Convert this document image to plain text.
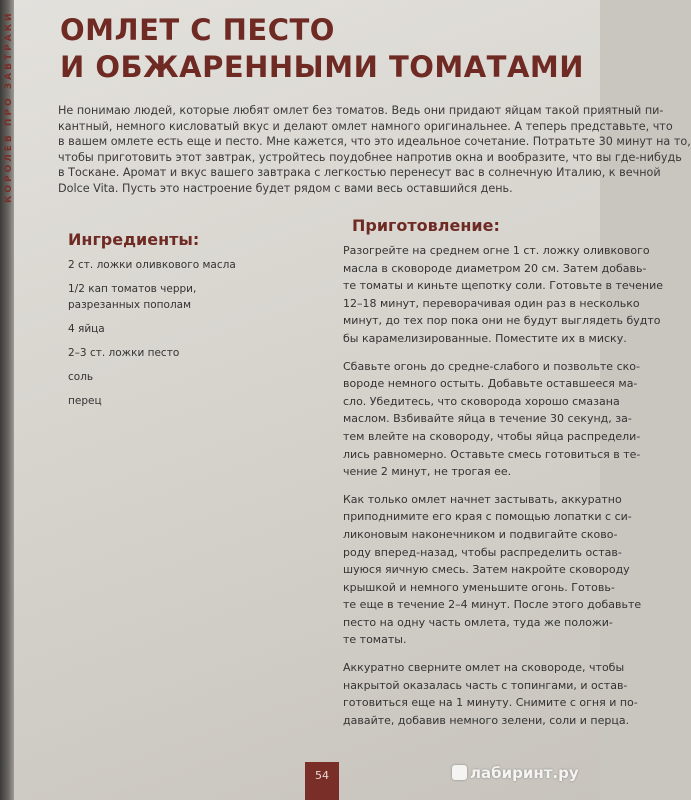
КОРОЛЕВ ПРО ЗАВТРАКИ ОМЛЕТ С ПЕСТО
И ОБЖАРЕННЫМИ ТОМАТАМИ

Не понимаю людей, которые любят омлет без томатов. Ведь они придают яйцам такой приятный пи-
кантный, немного кисловатый вкус и делают омлет намного оригинальнее. А теперь представьте, что
в вашем омлете есть еще и песто. Мне кажется, что это идеальное сочетание. Потратьте 30 минут на то,
чтобы приготовить этот завтрак, устройтесь поудобнее напротив окна и вообразите, что вы где-нибудь
в Тоскане. Аромат и вкус вашего завтрака с легкостью перенесут вас в солнечную Италию, к вечной
Dolce Vita. Пусть это настроение будет рядом с вами весь оставшийся день.

Ингредиенты:
2 ст. ложки оливкового масла
1/2 кап томатов черри, разрезанных пополам
4 яйца
2–3 ст. ложки песто
соль
перец
Приготовление:

Разогрейте на среднем огне 1 ст. ложку оливкового
масла в сковороде диаметром 20 см. Затем добавь-
те томаты и киньте щепотку соли. Готовьте в течение
12–18 минут, переворачивая один раз в несколько
минут, до тех пор пока они не будут выглядеть будто
бы карамелизированные. Поместите их в миску.

Сбавьте огонь до средне-слабого и позвольте ско-
вороде немного остыть. Добавьте оставшееся ма-
сло. Убедитесь, что сковорода хорошо смазана
маслом. Взбивайте яйца в течение 30 секунд, за-
тем влейте на сковороду, чтобы яйца распредели-
лись равномерно. Оставьте смесь готовиться в те-
чение 2 минут, не трогая ее.

Как только омлет начнет застывать, аккуратно
приподнимите его края с помощью лопатки с си-
ликоновым наконечником и подвигайте сково-
роду вперед-назад, чтобы распределить остав-
шуюся яичную смесь. Затем накройте сковороду
крышкой и немного уменьшите огонь. Готовь-
те еще в течение 2–4 минут. После этого добавьте
песто на одну часть омлета, туда же положи-
те томаты.

Аккуратно сверните омлет на сковороде, чтобы
накрытой оказалась часть с топингами, и остав-
готовиться еще на 1 минуту. Снимите с огня и по-
давайте, добавив немного зелени, соли и перца.

54	лабиринт.ру
